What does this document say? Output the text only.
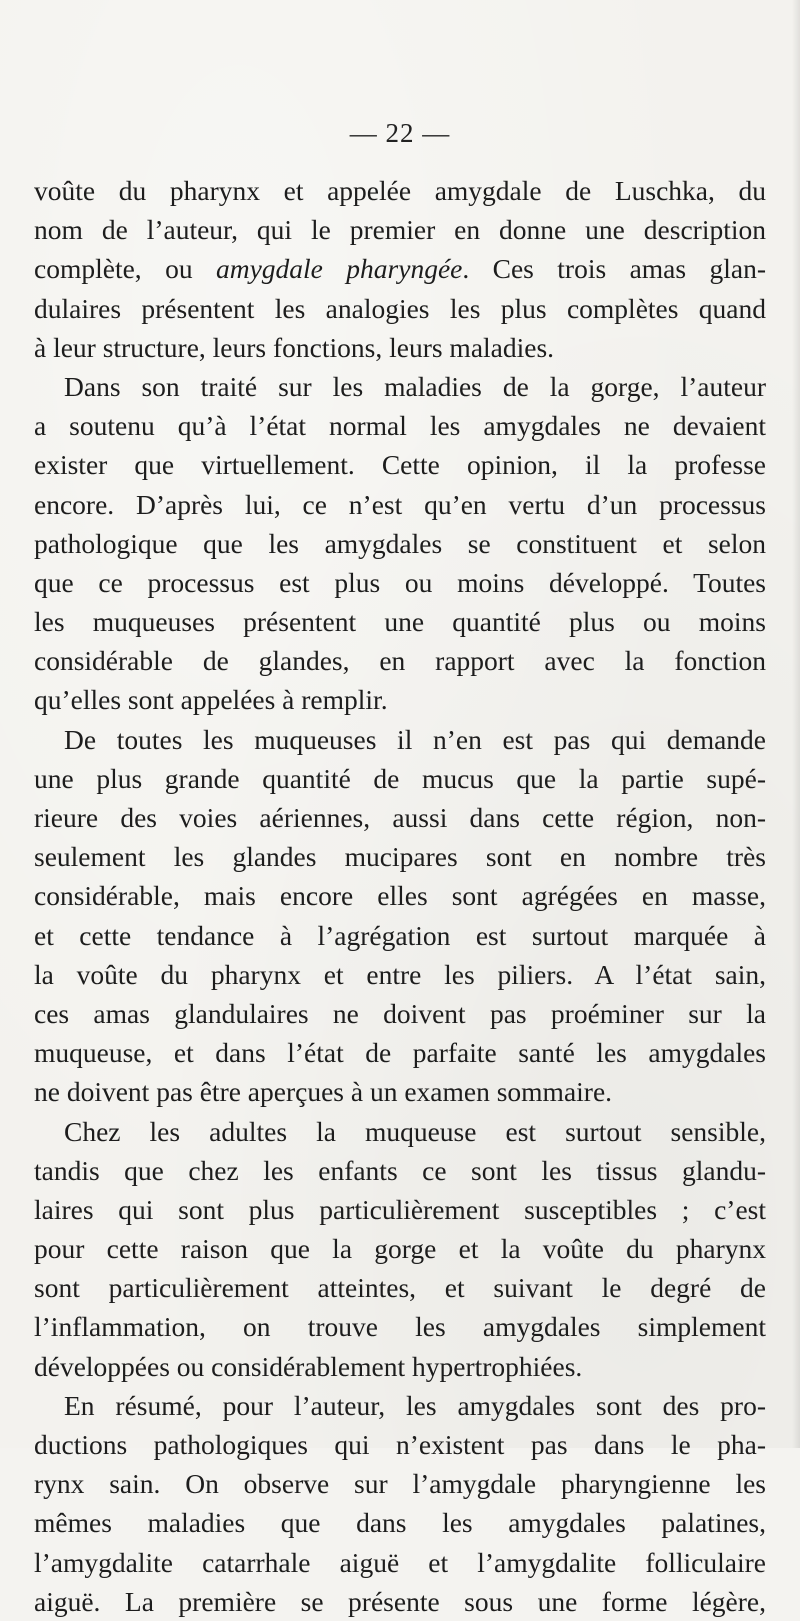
— 22 —
voûte du pharynx et appelée amygdale de Luschka, du
nom de l’auteur, qui le premier en donne une description
complète, ou amygdale pharyngée. Ces trois amas glan-
dulaires présentent les analogies les plus complètes quand
à leur structure, leurs fonctions, leurs maladies.
Dans son traité sur les maladies de la gorge, l’auteur
a soutenu qu’à l’état normal les amygdales ne devaient
exister que virtuellement. Cette opinion, il la professe
encore. D’après lui, ce n’est qu’en vertu d’un processus
pathologique que les amygdales se constituent et selon
que ce processus est plus ou moins développé. Toutes
les muqueuses présentent une quantité plus ou moins
considérable de glandes, en rapport avec la fonction
qu’elles sont appelées à remplir.
De toutes les muqueuses il n’en est pas qui demande
une plus grande quantité de mucus que la partie supé-
rieure des voies aériennes, aussi dans cette région, non-
seulement les glandes mucipares sont en nombre très
considérable, mais encore elles sont agrégées en masse,
et cette tendance à l’agrégation est surtout marquée à
la voûte du pharynx et entre les piliers. A l’état sain,
ces amas glandulaires ne doivent pas proéminer sur la
muqueuse, et dans l’état de parfaite santé les amygdales
ne doivent pas être aperçues à un examen sommaire.
Chez les adultes la muqueuse est surtout sensible,
tandis que chez les enfants ce sont les tissus glandu-
laires qui sont plus particulièrement susceptibles ; c’est
pour cette raison que la gorge et la voûte du pharynx
sont particulièrement atteintes, et suivant le degré de
l’inflammation, on trouve les amygdales simplement
développées ou considérablement hypertrophiées.
En résumé, pour l’auteur, les amygdales sont des pro-
ductions pathologiques qui n’existent pas dans le pha-
rynx sain. On observe sur l’amygdale pharyngienne les
mêmes maladies que dans les amygdales palatines,
l’amygdalite catarrhale aiguë et l’amygdalite folliculaire
aiguë. La première se présente sous une forme légère,
